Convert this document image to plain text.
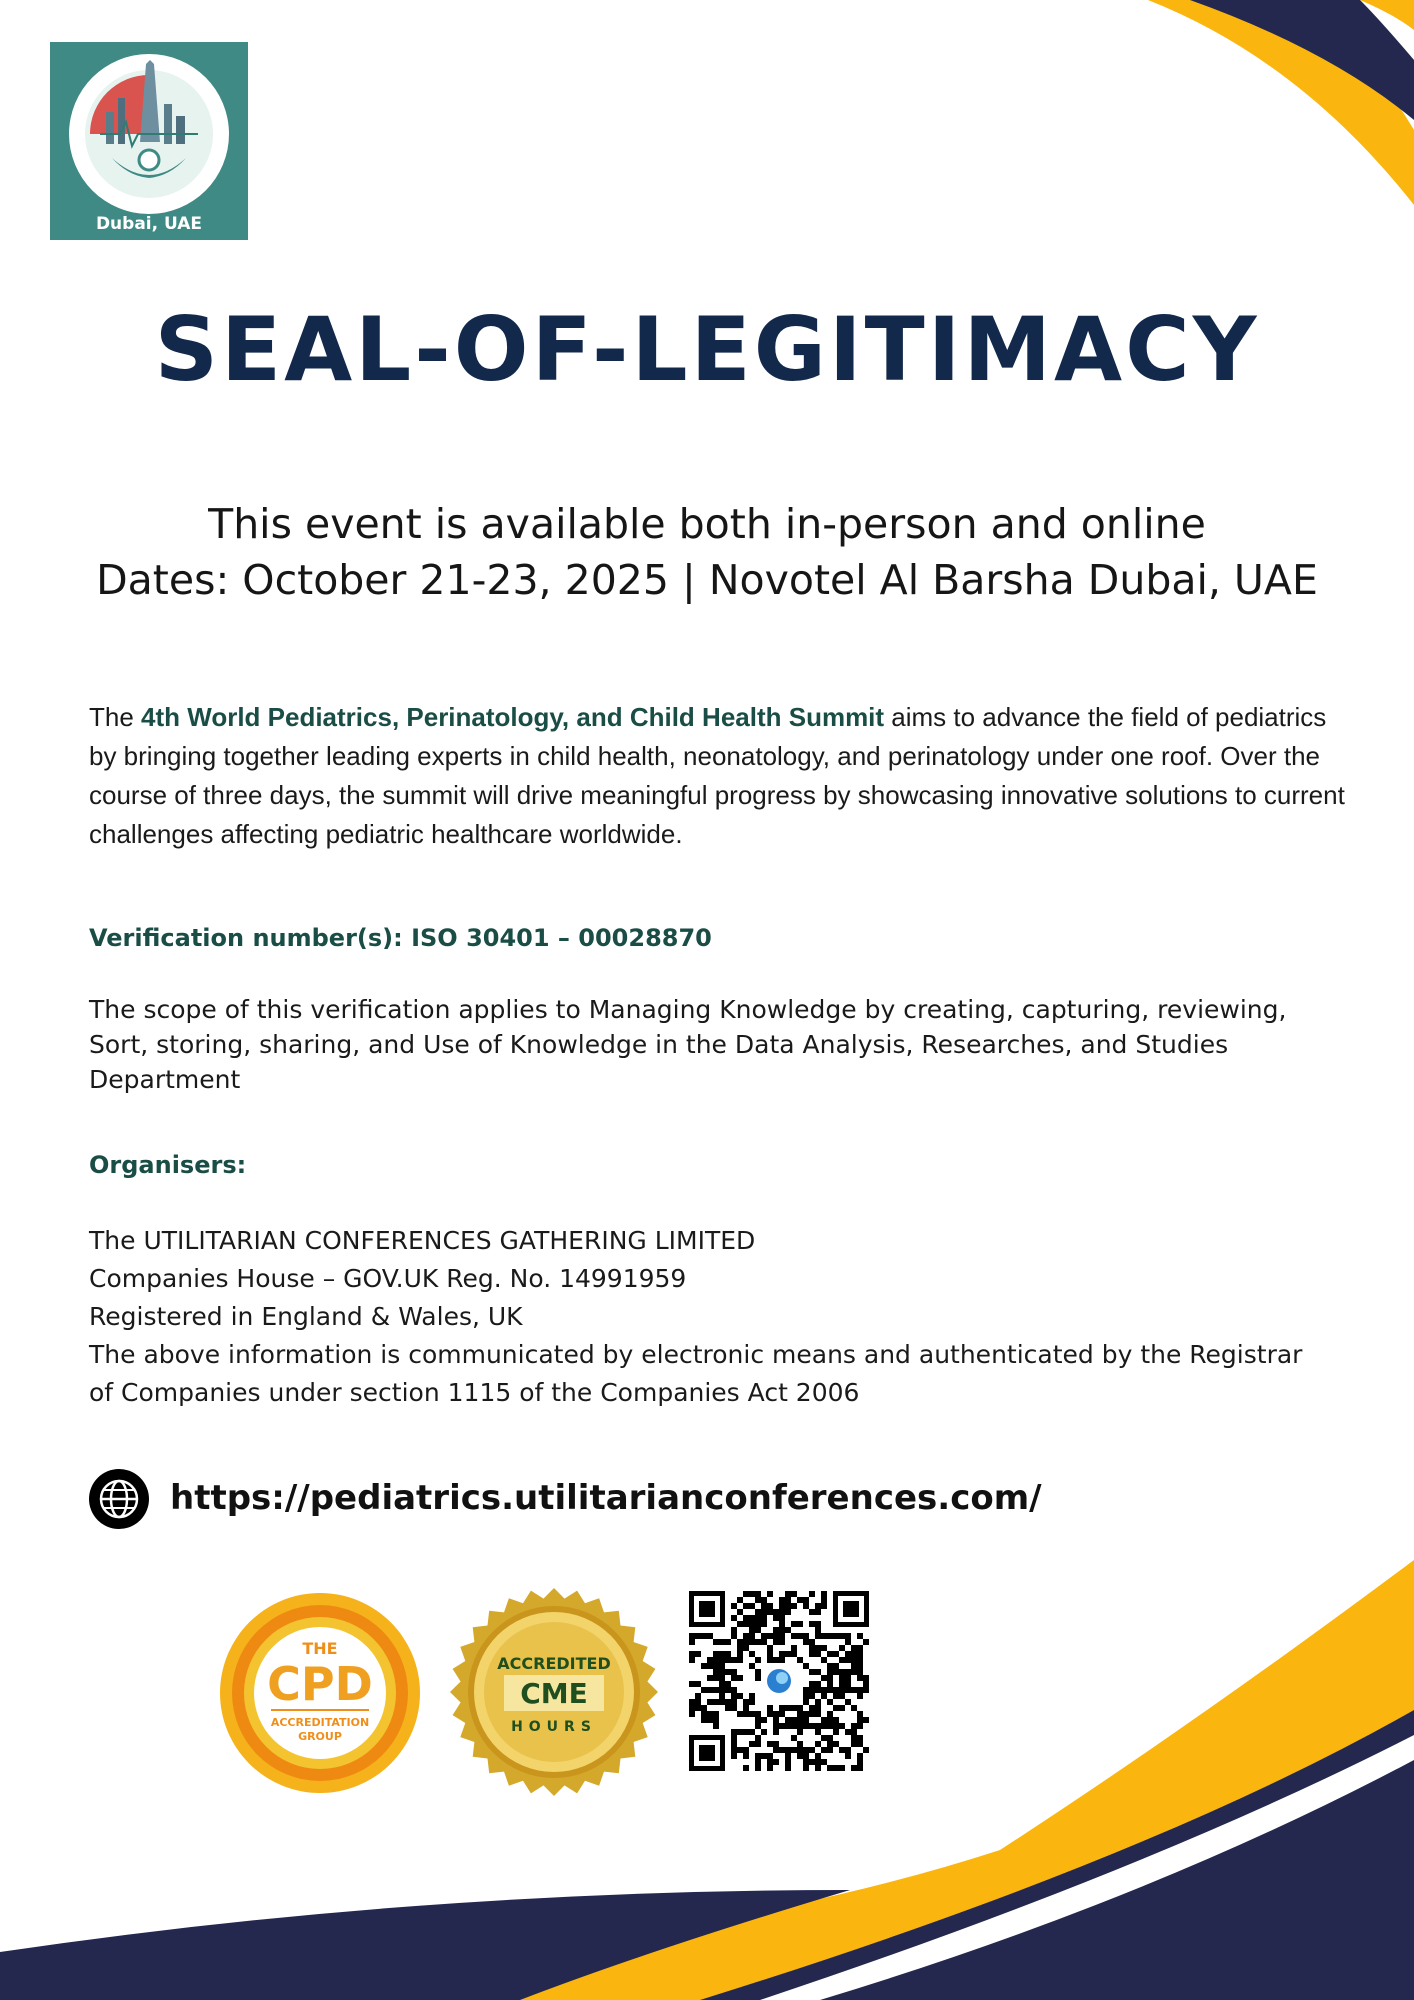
Dubai, UAE
SEAL-OF-LEGITIMACY
This event is available both in-person and online
Dates: October 21-23, 2025 | Novotel Al Barsha Dubai, UAE
The 4th World Pediatrics, Perinatology, and Child Health Summit aims to advance the field of pediatrics by bringing together leading experts in child health, neonatology, and perinatology under one roof. Over the course of three days, the summit will drive meaningful progress by showcasing innovative solutions to current challenges affecting pediatric healthcare worldwide.
Verification number(s): ISO 30401 – 00028870
The scope of this verification applies to Managing Knowledge by creating, capturing, reviewing, Sort, storing, sharing, and Use of Knowledge in the Data Analysis, Researches, and Studies Department
Organisers:
The UTILITARIAN CONFERENCES GATHERING LIMITED
Companies House – GOV.UK Reg. No. 14991959
Registered in England & Wales, UK
The above information is communicated by electronic means and authenticated by the Registrar
of Companies under section 1115 of the Companies Act 2006
https://pediatrics.utilitarianconferences.com/
THE
CPD
ACCREDITATION
GROUP
ACCREDITED
CME
HOURS
